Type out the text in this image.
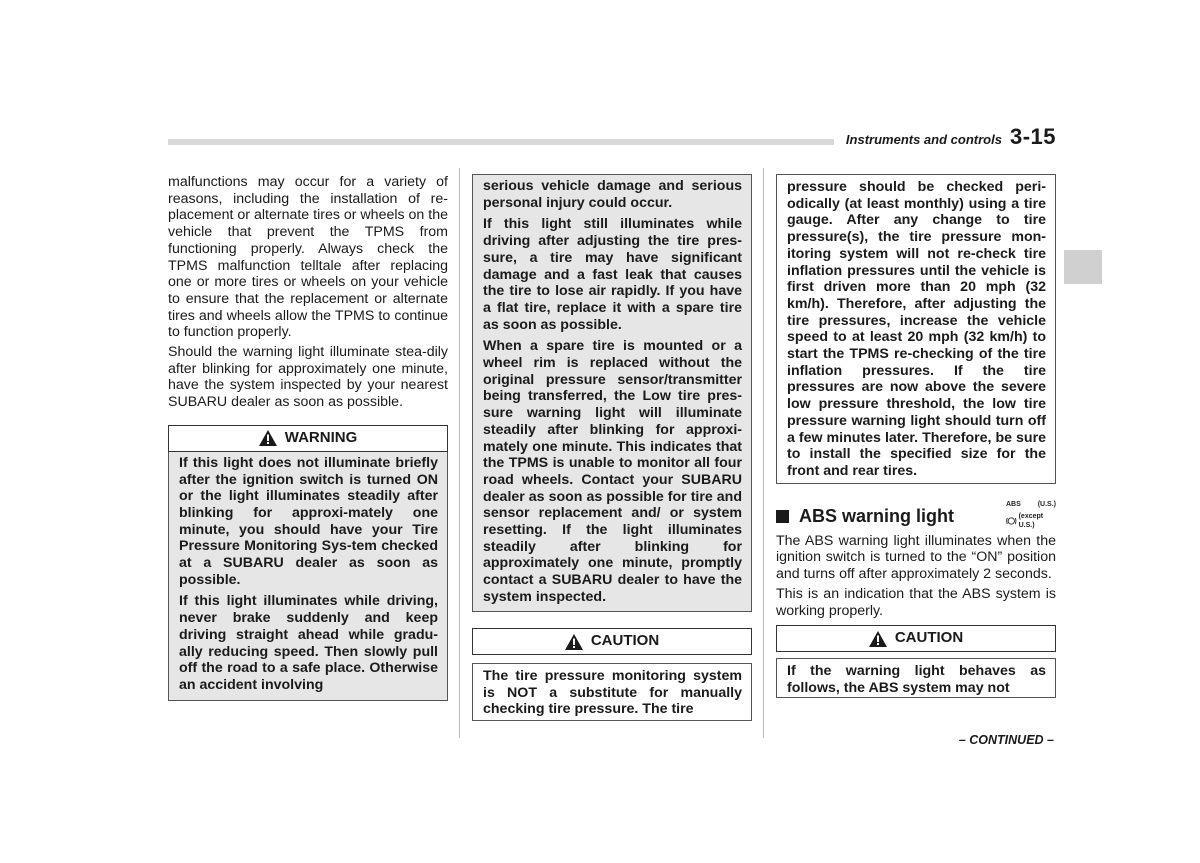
Instruments and controls 3-15

malfunctions may occur for a variety of reasons, including the installation of re-placement or alternate tires or wheels on the vehicle that prevent the TPMS from functioning properly. Always check the TPMS malfunction telltale after replacing one or more tires or wheels on your vehicle to ensure that the replacement or alternate tires and wheels allow the TPMS to continue to function properly.

Should the warning light illuminate stea-dily after blinking for approximately one minute, have the system inspected by your nearest SUBARU dealer as soon as possible.

WARNING

If this light does not illuminate briefly after the ignition switch is turned ON or the light illuminates steadily after blinking for approxi-mately one minute, you should have your Tire Pressure Monitoring Sys-tem checked at a SUBARU dealer as soon as possible.

If this light illuminates while driving, never brake suddenly and keep driving straight ahead while gradu-ally reducing speed. Then slowly pull off the road to a safe place. Otherwise an accident involving

serious vehicle damage and serious personal injury could occur.

If this light still illuminates while driving after adjusting the tire pres-sure, a tire may have significant damage and a fast leak that causes the tire to lose air rapidly. If you have a flat tire, replace it with a spare tire as soon as possible.

When a spare tire is mounted or a wheel rim is replaced without the original pressure sensor/transmitter being transferred, the Low tire pres-sure warning light will illuminate steadily after blinking for approxi-mately one minute. This indicates that the TPMS is unable to monitor all four road wheels. Contact your SUBARU dealer as soon as possible for tire and sensor replacement and/ or system resetting. If the light illuminates steadily after blinking for approximately one minute, promptly contact a SUBARU dealer to have the system inspected.

CAUTION

The tire pressure monitoring system is NOT a substitute for manually checking tire pressure. The tire

pressure should be checked peri-odically (at least monthly) using a tire gauge. After any change to tire pressure(s), the tire pressure mon-itoring system will not re-check tire inflation pressures until the vehicle is first driven more than 20 mph (32 km/h). Therefore, after adjusting the tire pressures, increase the vehicle speed to at least 20 mph (32 km/h) to start the TPMS re-checking of the tire inflation pressures. If the tire pressures are now above the severe low pressure threshold, the low tire pressure warning light should turn off a few minutes later. Therefore, be sure to install the specified size for the front and rear tires.

ABS warning light
ABS (U.S.)
(except U.S.)

The ABS warning light illuminates when the ignition switch is turned to the “ON” position and turns off after approximately 2 seconds.

This is an indication that the ABS system is working properly.

CAUTION

If the warning light behaves as follows, the ABS system may not

– CONTINUED –
